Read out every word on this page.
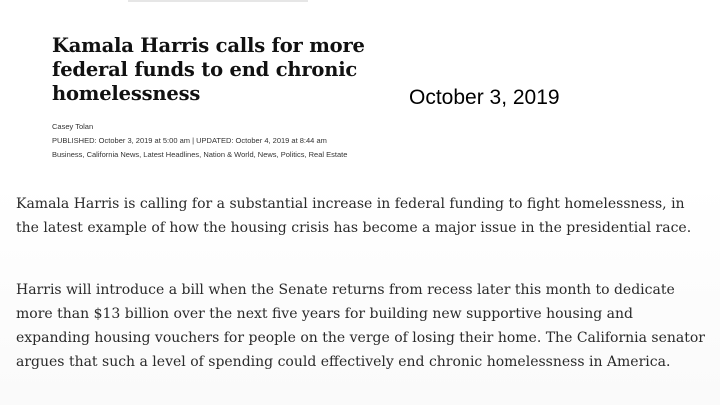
Kamala Harris calls for more federal funds to end chronic homelessness	October 3, 2019
Casey Tolan
PUBLISHED: October 3, 2019 at 5:00 am | UPDATED: October 4, 2019 at 8:44 am
Business, California News, Latest Headlines, Nation & World, News, Politics, Real Estate

Kamala Harris is calling for a substantial increase in federal funding to fight homelessness, in the latest example of how the housing crisis has become a major issue in the presidential race.

Harris will introduce a bill when the Senate returns from recess later this month to dedicate more than $13 billion over the next five years for building new supportive housing and expanding housing vouchers for people on the verge of losing their home. The California senator argues that such a level of spending could effectively end chronic homelessness in America.
